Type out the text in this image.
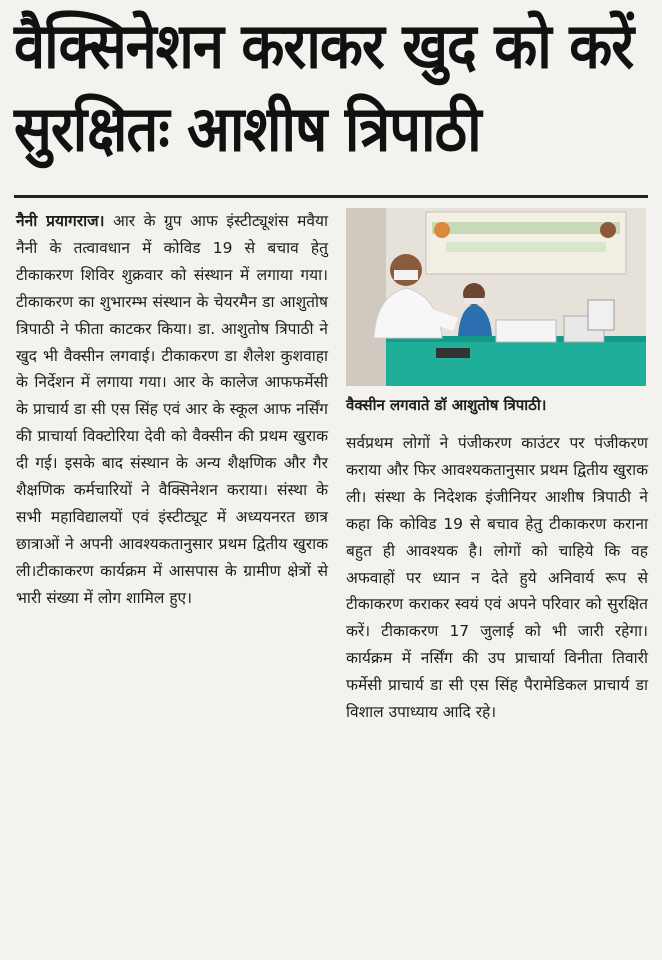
वैक्सिनेशन कराकर खुद को करें सुरक्षितः आशीष त्रिपाठी

नैनी प्रयागराज। आर के ग्रुप आफ इंस्टीट्यूशंस मवैया नैनी के तत्वावधान में कोविड 19 से बचाव हेतु टीकाकरण शिविर शुक्रवार को संस्थान में लगाया गया। टीकाकरण का शुभारम्भ संस्थान के चेयरमैन डा आशुतोष त्रिपाठी ने फीता काटकर किया। डा. आशुतोष त्रिपाठी ने खुद भी वैक्सीन लगवाई। टीकाकरण डा शैलेश कुशवाहा के निर्देशन में लगाया गया। आर के कालेज आफफर्मेसी के प्राचार्य डा सी एस सिंह एवं आर के स्कूल आफ नर्सिंग की प्राचार्या विक्टोरिया देवी को वैक्सीन की प्रथम खुराक दी गई। इसके बाद संस्थान के अन्य शैक्षणिक और गैर शैक्षणिक कर्मचारियों ने वैक्सिनेशन कराया। संस्था के सभी महाविद्यालयों एवं इंस्टीट्यूट में अध्ययनरत छात्र छात्राओं ने अपनी आवश्यकतानुसार प्रथम द्वितीय खुराक ली।टीकाकरण कार्यक्रम में आसपास के ग्रामीण क्षेत्रों से भारी संख्या में लोग शामिल हुए।

वैक्सीन लगवाते डॉ आशुतोष त्रिपाठी।

सर्वप्रथम लोगों ने पंजीकरण काउंटर पर पंजीकरण कराया और फिर आवश्यकतानुसार प्रथम द्वितीय खुराक ली। संस्था के निदेशक इंजीनियर आशीष त्रिपाठी ने कहा कि कोविड 19 से बचाव हेतु टीकाकरण कराना बहुत ही आवश्यक है। लोगों को चाहिये कि वह अफवाहों पर ध्यान न देते हुये अनिवार्य रूप से टीकाकरण कराकर स्वयं एवं अपने परिवार को सुरक्षित करें। टीकाकरण 17 जुलाई को भी जारी रहेगा। कार्यक्रम में नर्सिंग की उप प्राचार्या विनीता तिवारी फर्मेसी प्राचार्य डा सी एस सिंह पैरामेडिकल प्राचार्य डा विशाल उपाध्याय आदि रहे।
